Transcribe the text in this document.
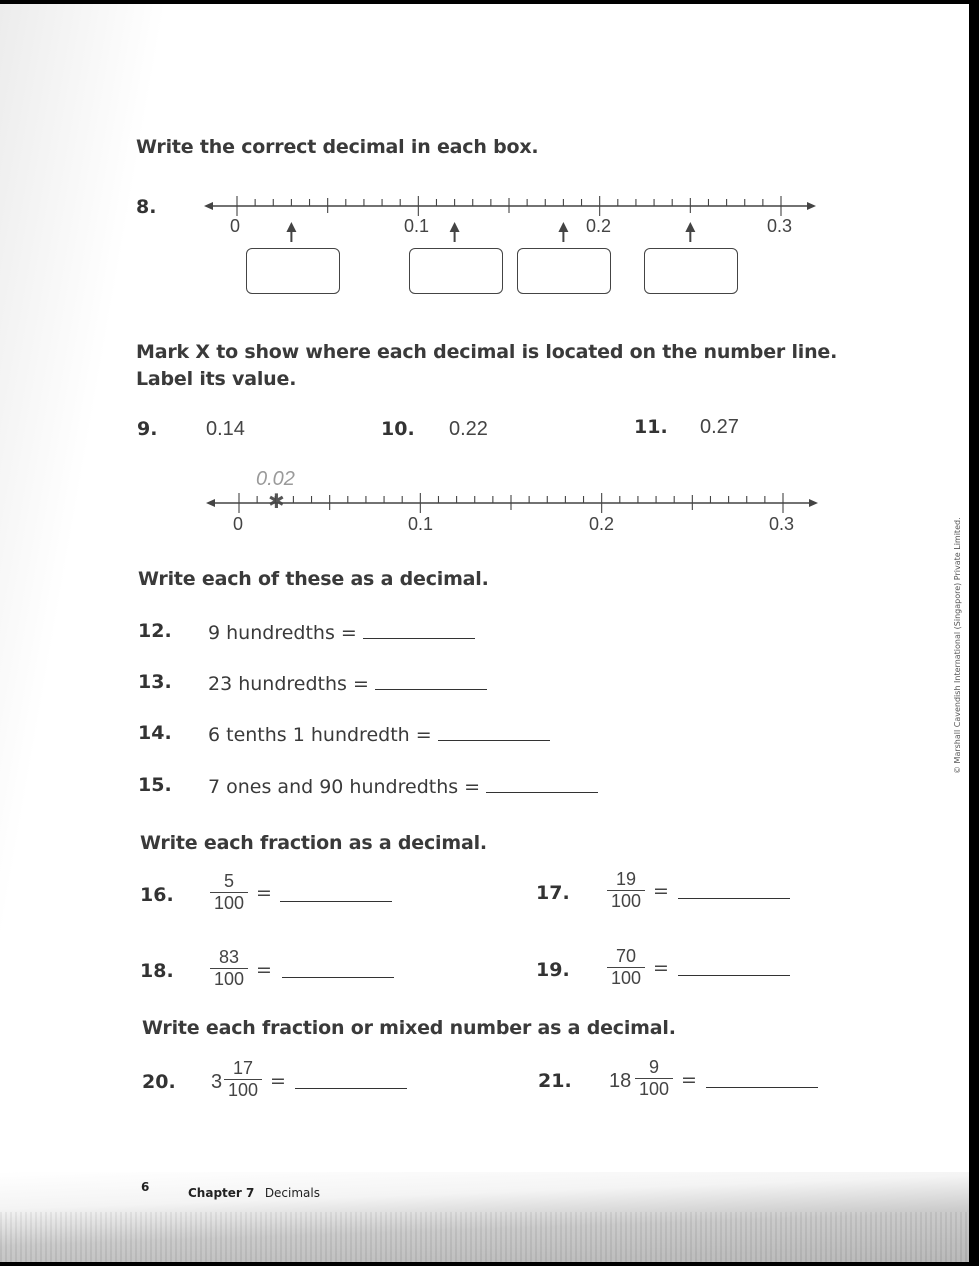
Write the correct decimal in each box.
8.
0	0.1	0.2	0.3
Mark X to show where each decimal is located on the number line.
Label its value.
9. 0.14	10. 0.22	11. 0.27
0.02
✱
0	0.1	0.2	0.3
Write each of these as a decimal.
12. 9 hundredths =
13. 23 hundredths =
14. 6 tenths 1 hundredth =
15. 7 ones and 90 hundredths =
Write each fraction as a decimal.
16.
5
100 =	17.
19
100 =
18.
83
100 =	19.
70
100 =
Write each fraction or mixed number as a decimal.
20. 3
17
100 =	21. 18
9
100 =
© Marshall Cavendish International (Singapore) Private Limited.
6	Chapter 7 Decimals
